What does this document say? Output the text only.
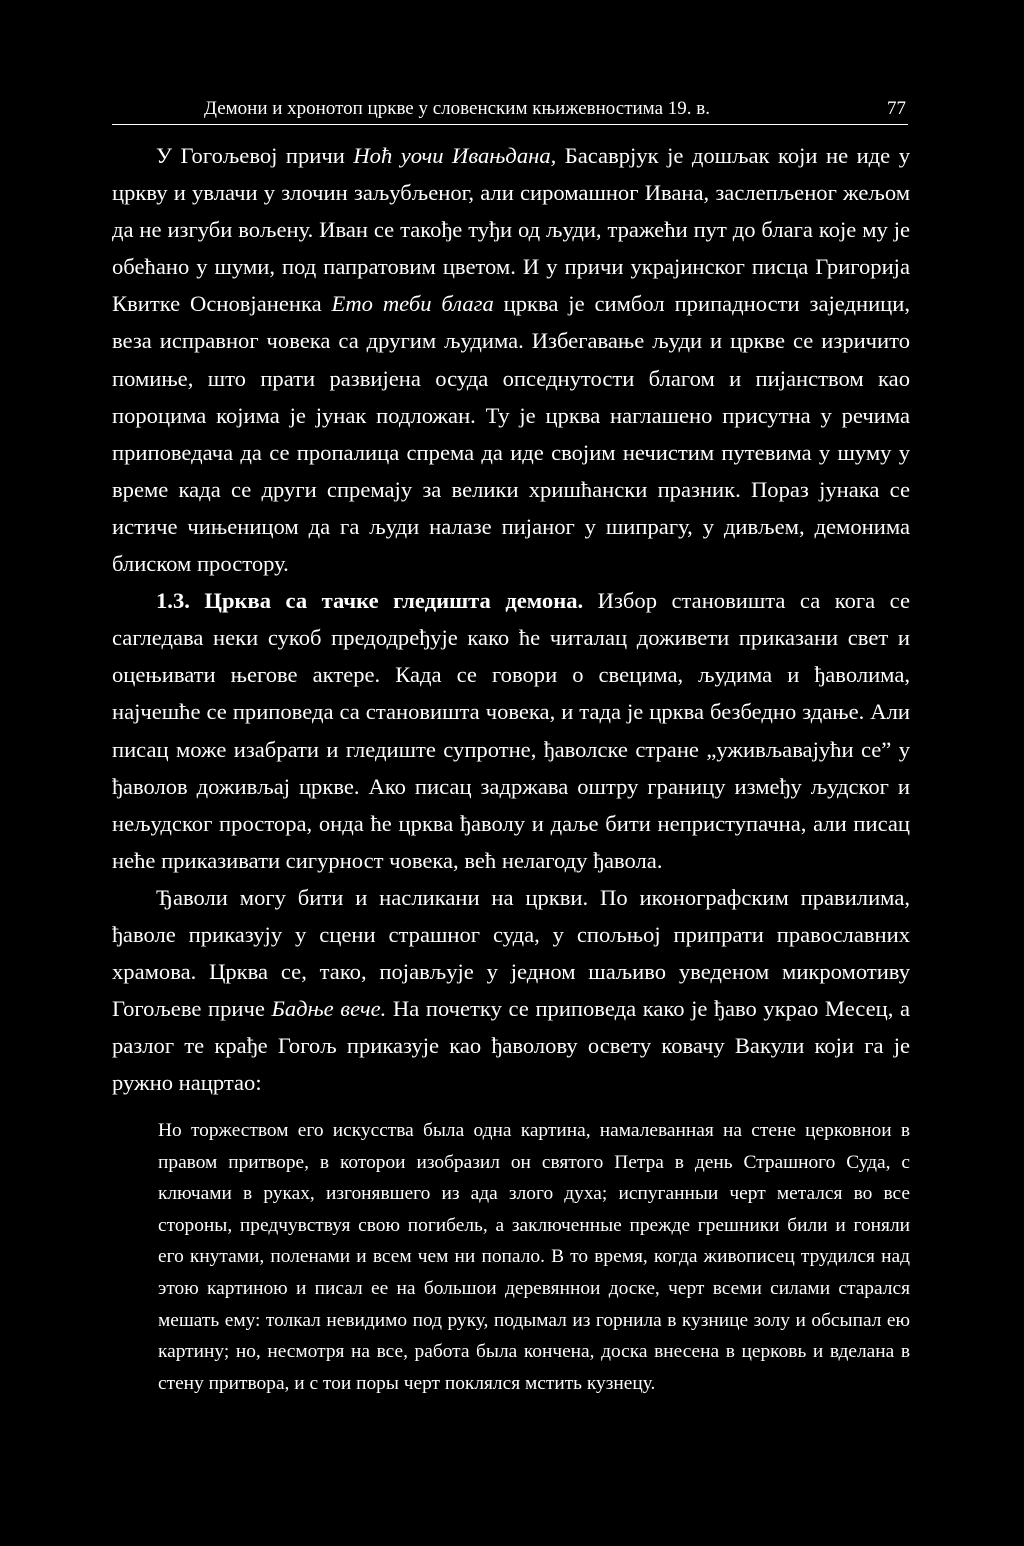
Демони и хронотоп цркве у словенским књижевностима 19. в.	77

У Гогољевој причи Ноћ уочи Ивањдана, Басаврјук је дошљак који не иде у цркву и увлачи у злочин заљубљеног, али сиромашног Ивана, заслепљеног жељом да не изгуби вољену. Иван се такође туђи од људи, тражећи пут до блага које му је обећано у шуми, под папратовим цветом. И у причи украјинског писца Григорија Квитке Основјаненка Ето теби блага црква је симбол припадности заједници, веза исправног човека са другим људима. Избегавање људи и цркве се изричито помиње, што прати развијена осуда опседнутости благом и пијанством као пороцима којима је јунак подложан. Ту је црква наглашено присутна у речима приповедача да се пропалица спрема да иде својим нечистим путевима у шуму у време када се други спремају за велики хришћански празник. Пораз јунака се истиче чињеницом да га људи налазе пијаног у шипрагу, у дивљем, демонима блиском простору.

1.3. Црква са тачке гледишта демона. Избор становишта са кога се сагледава неки сукоб предодређује како ће читалац доживети приказани свет и оцењивати његове актере. Када се говори о свецима, људима и ђаволима, најчешће се приповеда са становишта човека, и тада је црква безбедно здање. Али писац може изабрати и гледиште супротне, ђаволске стране „уживљавајући се” у ђаволов доживљај цркве. Ако писац задржава оштру границу између људског и нељудског простора, онда ће црква ђаволу и даље бити неприступачна, али писац неће приказивати сигурност човека, већ нелагоду ђавола.

Ђаволи могу бити и насликани на цркви. По иконографским правилима, ђаволе приказују у сцени страшног суда, у спољњој припрати православних храмова. Црква се, тако, појављује у једном шаљиво уведеном микромотиву Гогољеве приче Бадње вече. На почетку се приповеда како је ђаво украо Месец, а разлог те крађе Гогољ приказује као ђаволову освету ковачу Вакули који га је ружно нацртао:

Но торжеством его искусства была одна картина, намалеванная на стене церковнои в правом притворе, в которои изобразил он святого Петра в день Страшного Суда, с ключами в руках, изгонявшего из ада злого духа; испуганныи черт метался во все стороны, предчувствуя свою погибель, а заключенные прежде грешники били и гоняли его кнутами, поленами и всем чем ни попало. В то время, когда живописец трудился над этою картиною и писал ее на большои деревяннои доске, черт всеми силами старался мешать ему: толкал невидимо под руку, подымал из горнила в кузнице золу и обсыпал ею картину; но, несмотря на все, работа была кончена, доска внесена в церковь и вделана в стену притвора, и с тои поры черт поклялся мстить кузнецу.
